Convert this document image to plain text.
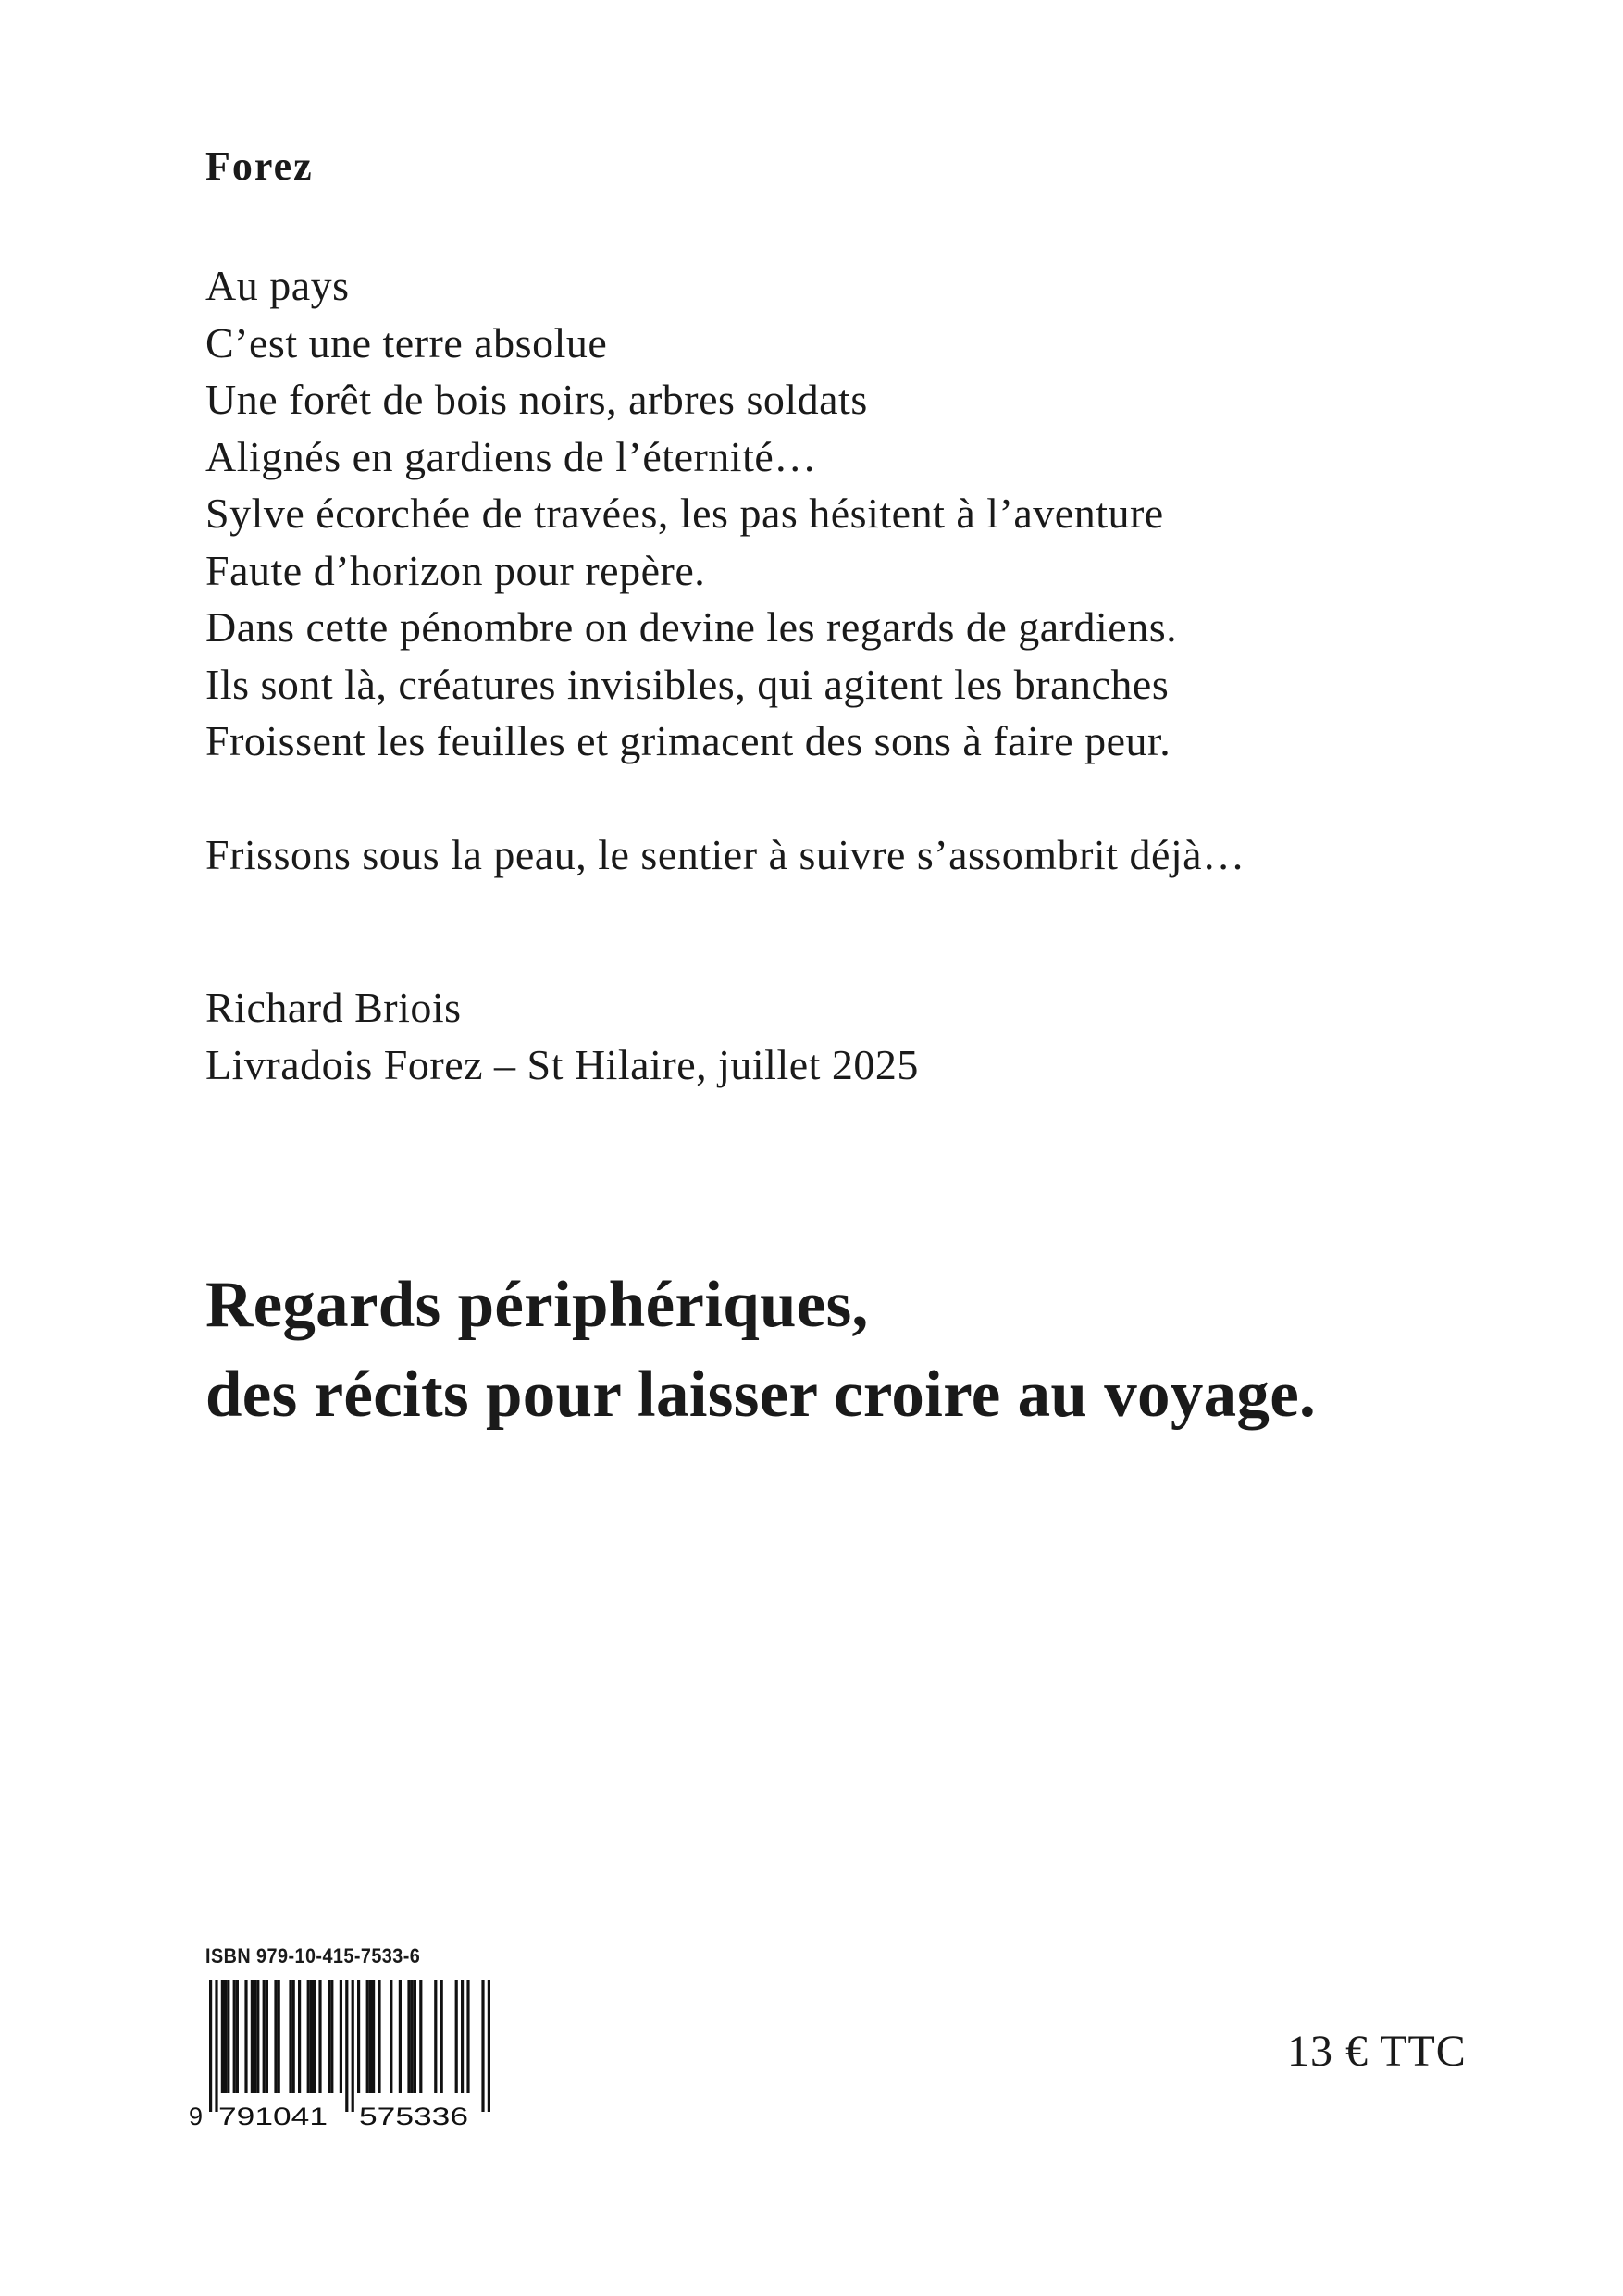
Forez

Au pays
C’est une terre absolue
Une forêt de bois noirs, arbres soldats
Alignés en gardiens de l’éternité…
Sylve écorchée de travées, les pas hésitent à l’aventure
Faute d’horizon pour repère.
Dans cette pénombre on devine les regards de gardiens.
Ils sont là, créatures invisibles, qui agitent les branches
Froissent les feuilles et grimacent des sons à faire peur.

Frissons sous la peau, le sentier à suivre s’assombrit déjà…

Richard Briois
Livradois Forez – St Hilaire, juillet 2025
Regards périphériques,
des récits pour laisser croire au voyage.
ISBN 979-10-415-7533-6
9 791041 575336
13 € TTC
